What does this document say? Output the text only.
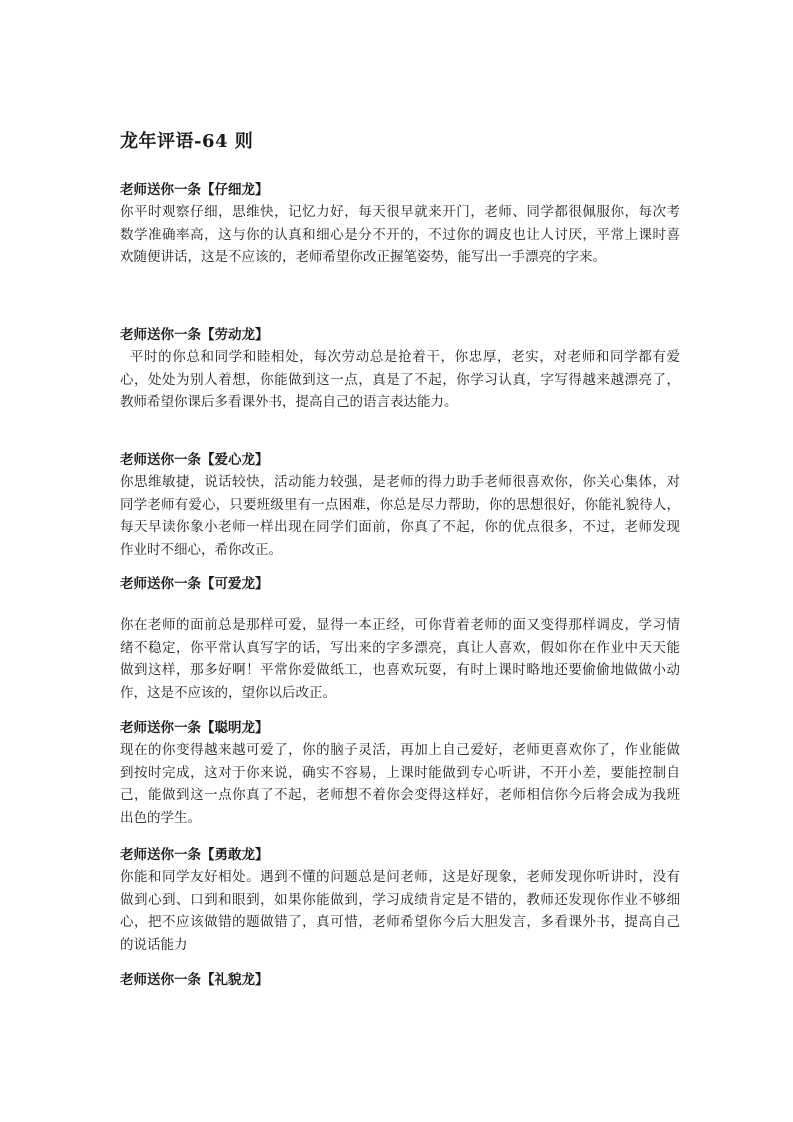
龙年评语-64 则
老师送你一条【仔细龙】
你平时观察仔细，思维快，记忆力好，每天很早就来开门，老师、同学都很佩服你，每次考
数学准确率高，这与你的认真和细心是分不开的，不过你的调皮也让人讨厌，平常上课时喜
欢随便讲话，这是不应该的，老师希望你改正握笔姿势，能写出一手漂亮的字来。
老师送你一条【劳动龙】
平时的你总和同学和睦相处，每次劳动总是抢着干，你忠厚，老实，对老师和同学都有爱
心，处处为别人着想，你能做到这一点，真是了不起，你学习认真，字写得越来越漂亮了，
教师希望你课后多看课外书，提高自己的语言表达能力。
老师送你一条【爱心龙】
你思维敏捷，说话较快，活动能力较强，是老师的得力助手老师很喜欢你，你关心集体，对
同学老师有爱心，只要班级里有一点困难，你总是尽力帮助，你的思想很好，你能礼貌待人，
每天早读你象小老师一样出现在同学们面前，你真了不起，你的优点很多，不过，老师发现
作业时不细心，希你改正。
老师送你一条【可爱龙】
你在老师的面前总是那样可爱，显得一本正经，可你背着老师的面又变得那样调皮，学习情
绪不稳定，你平常认真写字的话，写出来的字多漂亮，真让人喜欢，假如你在作业中天天能
做到这样，那多好啊！平常你爱做纸工，也喜欢玩耍，有时上课时略地还要偷偷地做做小动
作，这是不应该的，望你以后改正。
老师送你一条【聪明龙】
现在的你变得越来越可爱了，你的脑子灵活，再加上自己爱好，老师更喜欢你了，作业能做
到按时完成，这对于你来说，确实不容易，上课时能做到专心听讲，不开小差，要能控制自
己，能做到这一点你真了不起，老师想不着你会变得这样好，老师相信你今后将会成为我班
出色的学生。
老师送你一条【勇敢龙】
你能和同学友好相处。遇到不懂的问题总是问老师，这是好现象，老师发现你听讲时，没有
做到心到、口到和眼到，如果你能做到，学习成绩肯定是不错的，教师还发现你作业不够细
心，把不应该做错的题做错了，真可惜，老师希望你今后大胆发言，多看课外书，提高自己
的说话能力
老师送你一条【礼貌龙】
